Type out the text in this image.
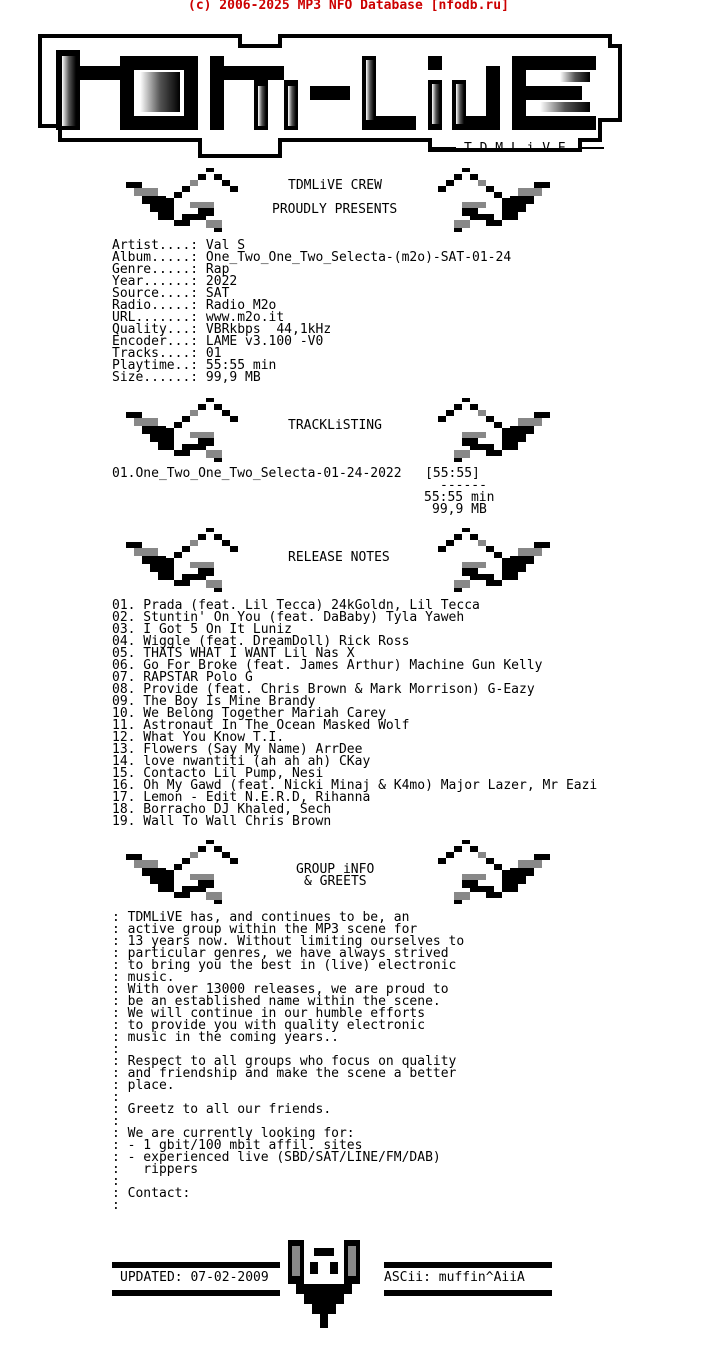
(c) 2006-2025 MP3 NFO Database [nfodb.ru]
T D M L i V E
TDMLiVE CREW
PROUDLY PRESENTS
Artist....: Val S
Album.....: One_Two_One_Two_Selecta-(m2o)-SAT-01-24
Genre.....: Rap
Year......: 2022
Source....: SAT
Radio.....: Radio M2o
URL.......: www.m2o.it
Quality...: VBRkbps  44,1kHz
Encoder...: LAME v3.100 -V0
Tracks....: 01
Playtime..: 55:55 min
Size......: 99,9 MB
TRACKLiSTING
01.One_Two_One_Two_Selecta-01-24-2022   [55:55]
------
55:55 min
99,9 MB
RELEASE NOTES
01. Prada (feat. Lil Tecca) 24kGoldn, Lil Tecca
02. Stuntin' On You (feat. DaBaby) Tyla Yaweh
03. I Got 5 On It Luniz
04. Wiggle (feat. DreamDoll) Rick Ross
05. THATS WHAT I WANT Lil Nas X
06. Go For Broke (feat. James Arthur) Machine Gun Kelly
07. RAPSTAR Polo G
08. Provide (feat. Chris Brown & Mark Morrison) G-Eazy
09. The Boy Is Mine Brandy
10. We Belong Together Mariah Carey
11. Astronaut In The Ocean Masked Wolf
12. What You Know T.I.
13. Flowers (Say My Name) ArrDee
14. love nwantiti (ah ah ah) CKay
15. Contacto Lil Pump, Nesi
16. Oh My Gawd (feat. Nicki Minaj & K4mo) Major Lazer, Mr Eazi
17. Lemon - Edit N.E.R.D, Rihanna
18. Borracho DJ Khaled, Sech
19. Wall To Wall Chris Brown
GROUP iNFO
& GREETS
: TDMLiVE has, and continues to be, an
: active group within the MP3 scene for
: 13 years now. Without limiting ourselves to
: particular genres, we have always strived
: to bring you the best in (live) electronic
: music.
: With over 13000 releases, we are proud to
: be an established name within the scene.
: We will continue in our humble efforts
: to provide you with quality electronic
: music in the coming years..
:
: Respect to all groups who focus on quality
: and friendship and make the scene a better
: place.
:
: Greetz to all our friends.
:
: We are currently looking for:
: - 1 gbit/100 mbit affil. sites
: - experienced live (SBD/SAT/LINE/FM/DAB)
:   rippers
:
: Contact:
:
UPDATED: 07-02-2009	ASCii: muffin^AiiA
